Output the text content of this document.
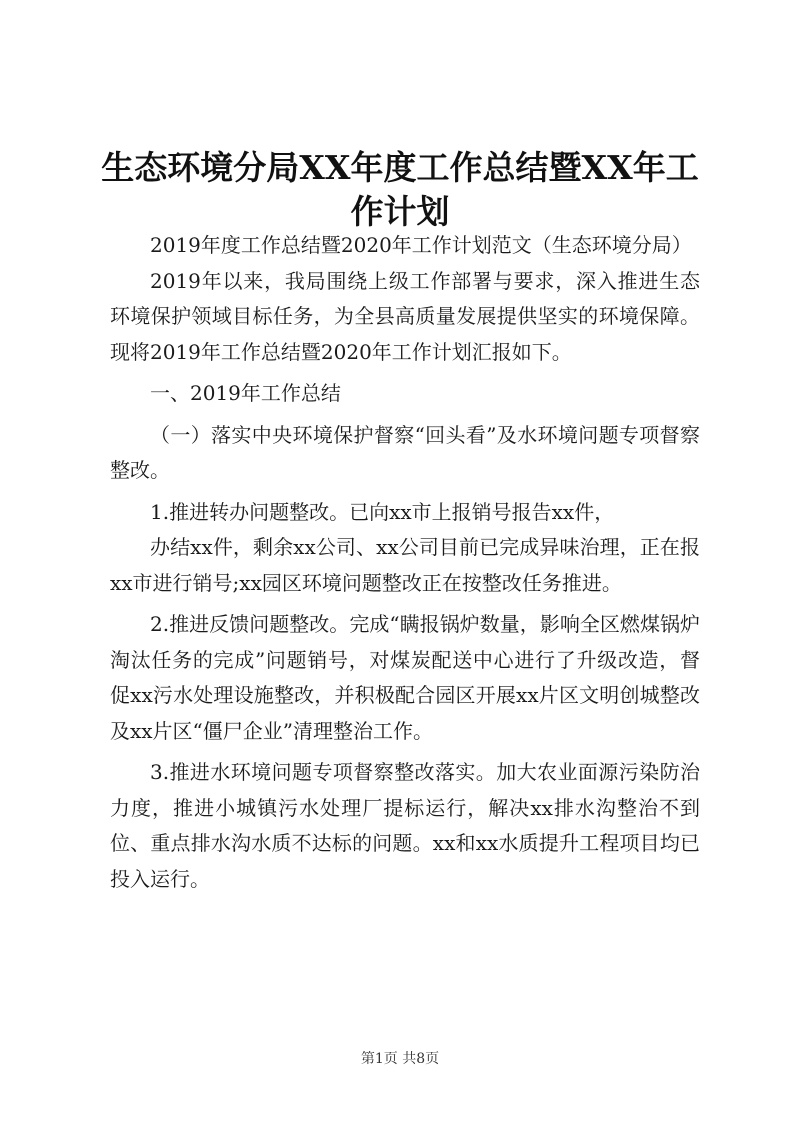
生态环境分局XX年度工作总结暨XX年工作计划

2019年度工作总结暨2020年工作计划范文（生态环境分局）

2019年以来，我局围绕上级工作部署与要求，深入推进生态环境保护领域目标任务，为全县高质量发展提供坚实的环境保障。现将2019年工作总结暨2020年工作计划汇报如下。

一、2019年工作总结

（一）落实中央环境保护督察“回头看”及水环境问题专项督察整改。

1.推进转办问题整改。已向xx市上报销号报告xx件，

办结xx件，剩余xx公司、xx公司目前已完成异味治理，正在报xx市进行销号;xx园区环境问题整改正在按整改任务推进。

2.推进反馈问题整改。完成“瞒报锅炉数量，影响全区燃煤锅炉淘汰任务的完成”问题销号，对煤炭配送中心进行了升级改造，督促xx污水处理设施整改，并积极配合园区开展xx片区文明创城整改及xx片区“僵尸企业”清理整治工作。

3.推进水环境问题专项督察整改落实。加大农业面源污染防治力度，推进小城镇污水处理厂提标运行，解决xx排水沟整治不到位、重点排水沟水质不达标的问题。xx和xx水质提升工程项目均已投入运行。

第1页 共8页
